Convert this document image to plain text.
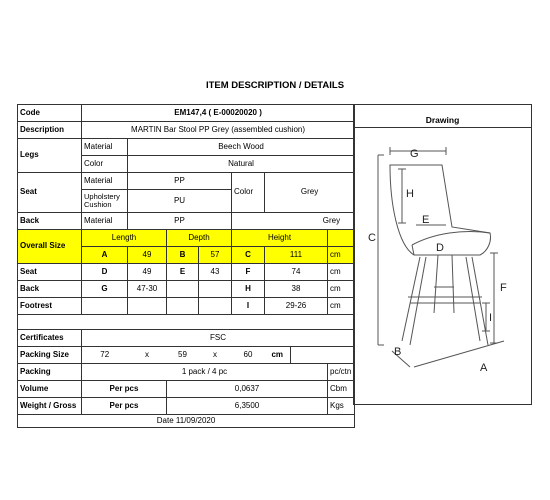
ITEM DESCRIPTION / DETAILS
Code	EM147,4 ( E-00020020 )							
Description	MARTIN Bar Stool PP Grey (assembled cushion)							
Legs	Material	Beech Wood						
	Color	Natural						
Seat	Material	PP			Color	Grey		
	Upholstery Cushion	PU						
Back	Material	PP			Grey			
Overall Size	Length		Depth		Height			
	A	49	B	57	C	111		cm
Seat	D	49	E	43	F	74		cm
Back	G	47-30			H	38		cm
Footrest					I	29-26		cm

Certificates	FSC							
Packing Size	72	x	59	x	60	cm		
Packing	1 pack / 4 pc							pc/ctn
Volume	Per pcs		0,0637					Cbm
Weight / Gross	Per pcs		6,3500					Kgs
Date 11/09/2020								
Drawing
G
H
C
E
D
F
I
B
A
